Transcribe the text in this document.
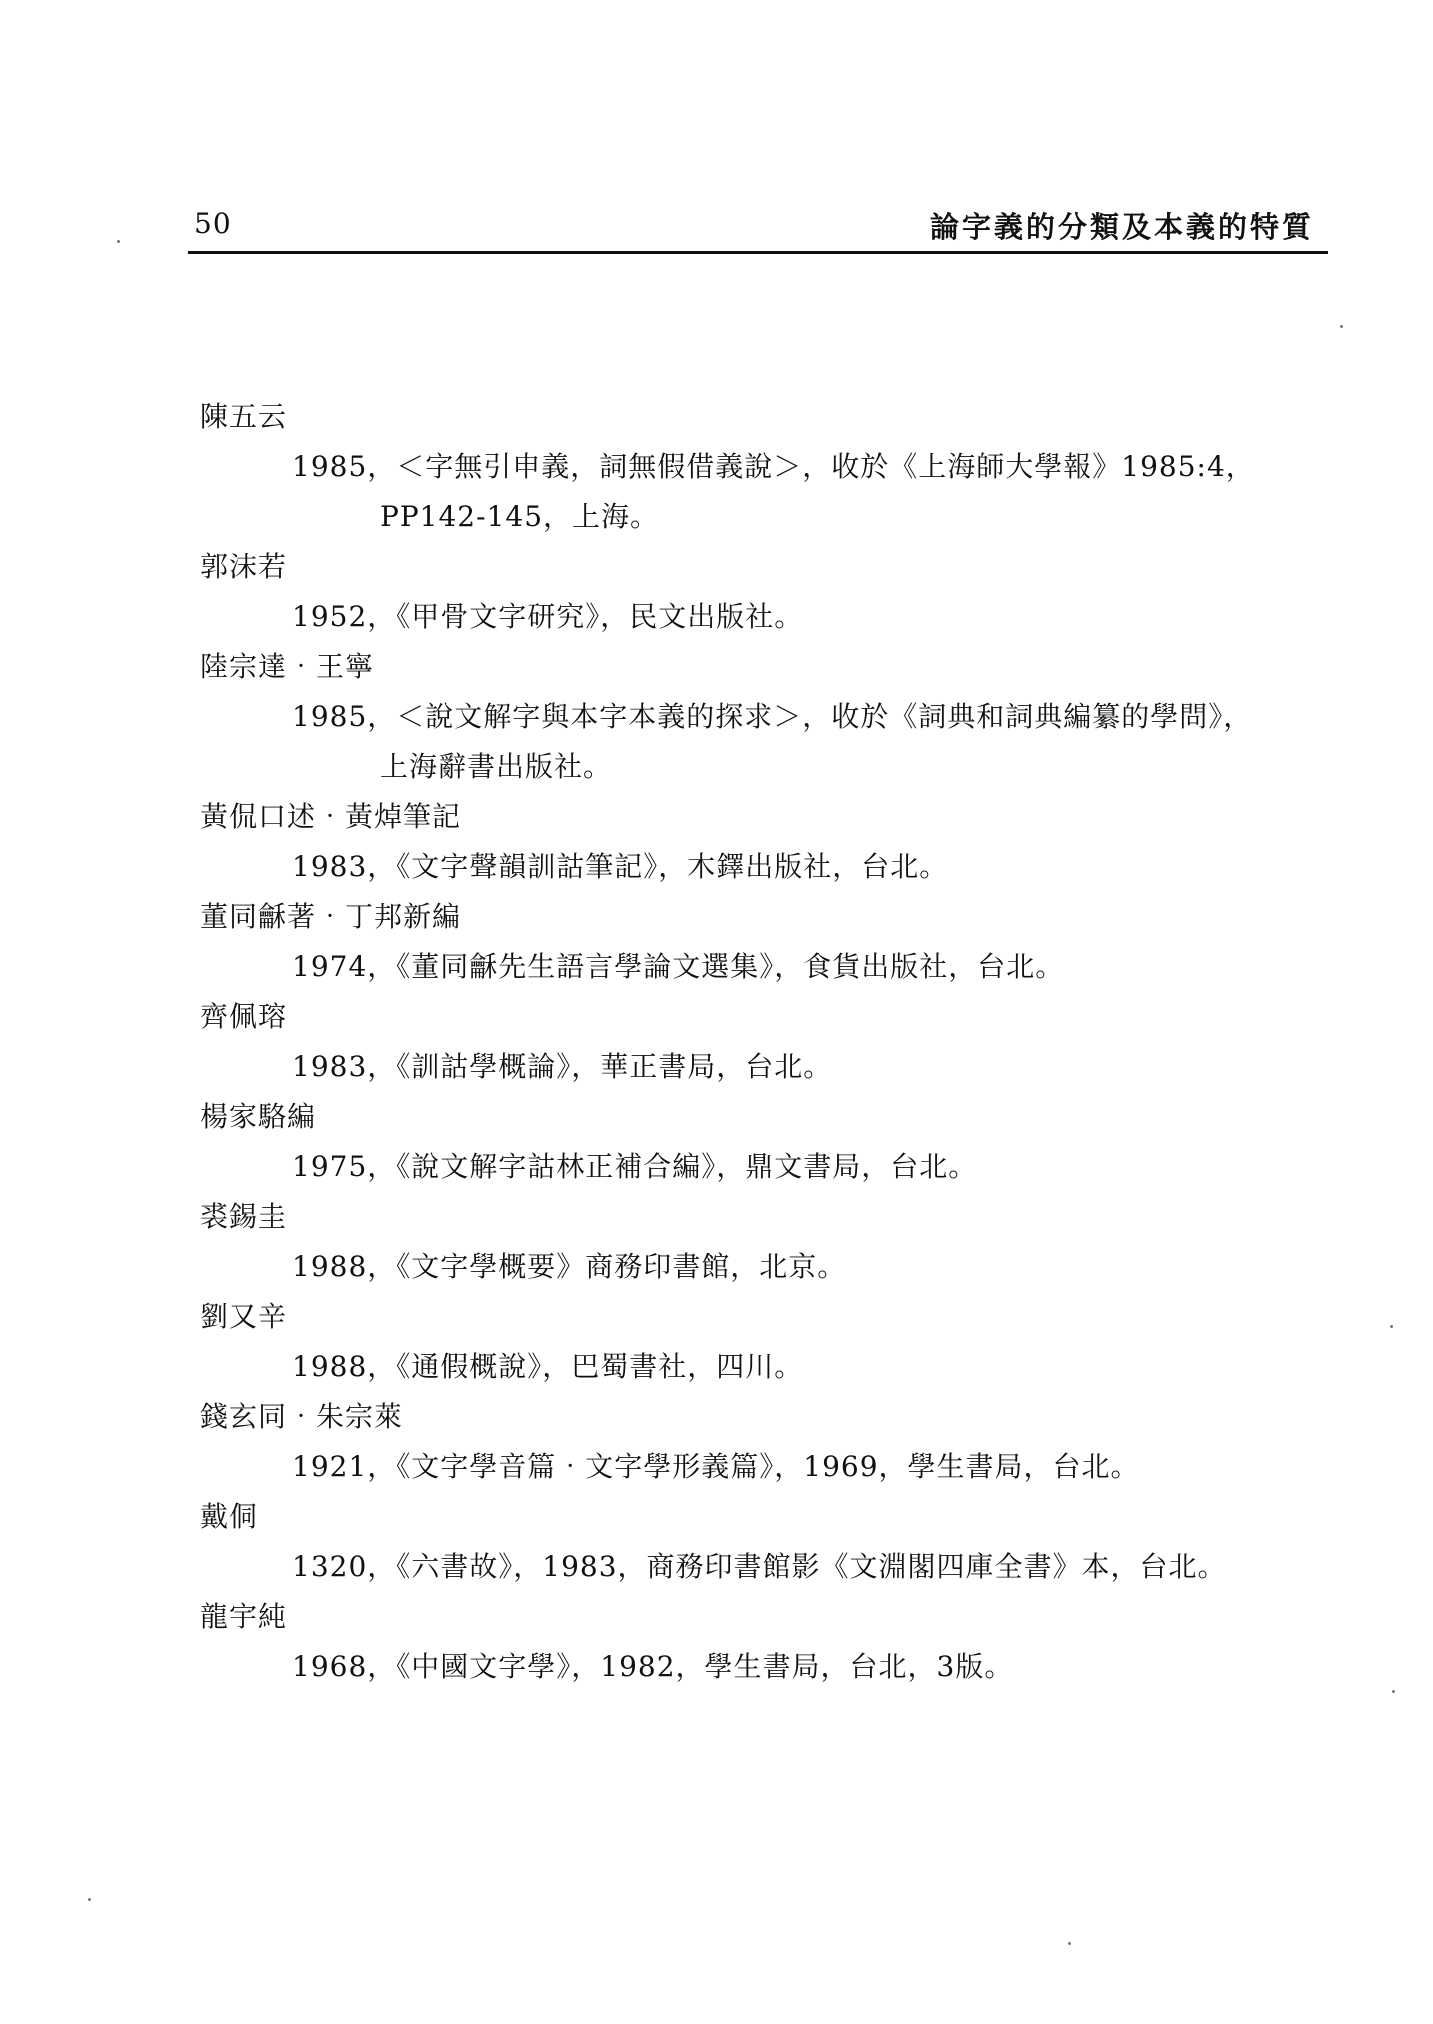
50	論字義的分類及本義的特質
陳五云
1985，＜字無引申義，詞無假借義說＞，收於《上海師大學報》1985:4，
PP142-145，上海。
郭沫若
1952，《甲骨文字研究》，民文出版社。
陸宗達‧王寧
1985，＜說文解字與本字本義的探求＞，收於《詞典和詞典編纂的學問》，
上海辭書出版社。
黃侃口述‧黃焯筆記
1983，《文字聲韻訓詁筆記》，木鐸出版社，台北。
董同龢著‧丁邦新編
1974，《董同龢先生語言學論文選集》，食貨出版社，台北。
齊佩瑢
1983，《訓詁學概論》，華正書局，台北。
楊家駱編
1975，《說文解字詁林正補合編》，鼎文書局，台北。
裘錫圭
1988，《文字學概要》商務印書館，北京。
劉又辛
1988，《通假概說》，巴蜀書社，四川。
錢玄同‧朱宗萊
1921，《文字學音篇‧文字學形義篇》，1969，學生書局，台北。
戴侗
1320，《六書故》，1983，商務印書館影《文淵閣四庫全書》本，台北。
龍宇純
1968，《中國文字學》，1982，學生書局，台北，3版。
